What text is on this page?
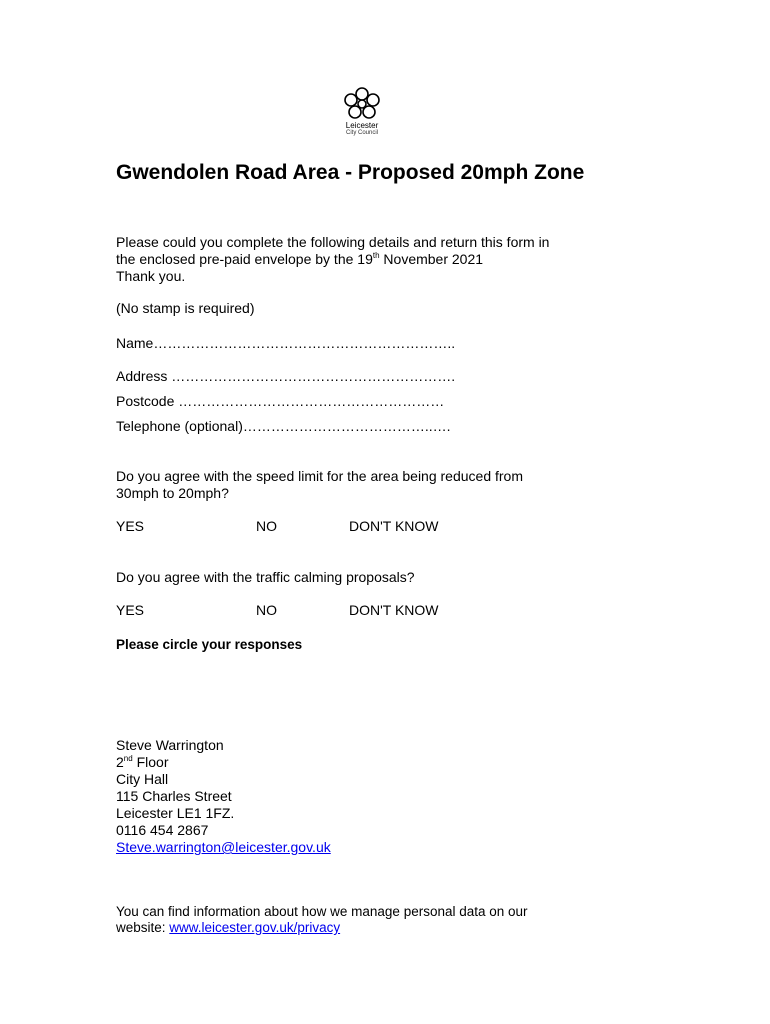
Leicester
City Council
Gwendolen Road Area - Proposed 20mph Zone
Please could you complete the following details and return this form in
the enclosed pre-paid envelope by the 19th November 2021
Thank you.
(No stamp is required)
Name………………………………………………………..
Address …………………………………………………….
Postcode …………………………………………………
Telephone (optional)…………………………………..….
Do you agree with the speed limit for the area being reduced from
30mph to 20mph?
YES	NO	DON'T KNOW
Do you agree with the traffic calming proposals?
YES	NO	DON'T KNOW
Please circle your responses
Steve Warrington
2nd Floor
City Hall
115 Charles Street
Leicester LE1 1FZ.
0116 454 2867
Steve.warrington@leicester.gov.uk
You can find information about how we manage personal data on our
website: www.leicester.gov.uk/privacy
